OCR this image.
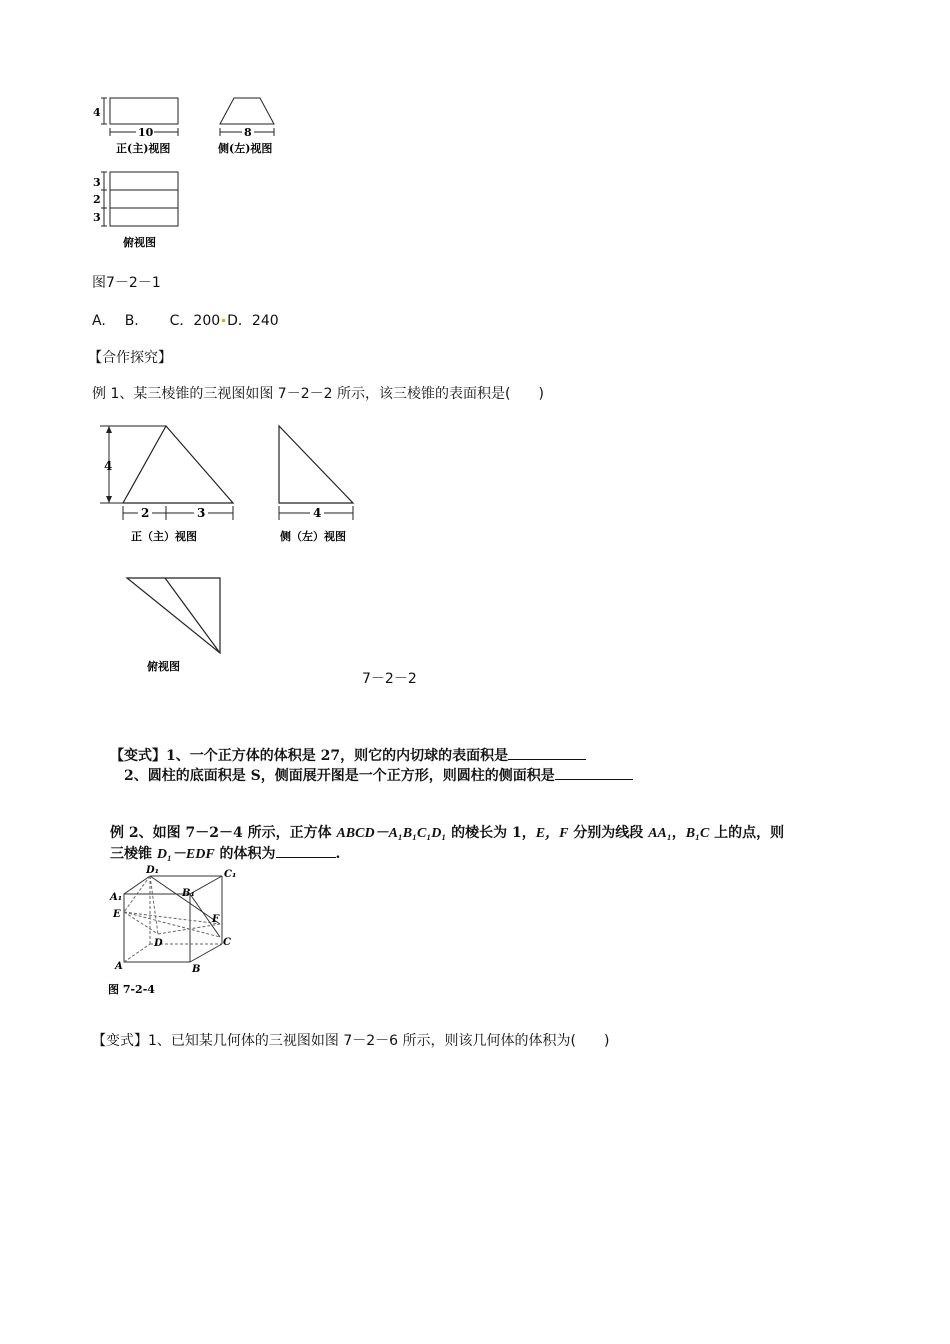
4
10
正(主)视图
8
侧(左)视图
3
2
3
俯视图
图7－2－1
A. B. C．200 D．240
【合作探究】
例 1、某三棱锥的三视图如图 7－2－2 所示，该三棱锥的表面积是(　　)
4
2	3
正（主）视图
4
侧（左）视图
俯视图
7－2－2
【变式】1、一个正方体的体积是 27，则它的内切球的表面积是
2、圆柱的底面积是 S，侧面展开图是一个正方形，则圆柱的侧面积是
例 2、如图 7－2－4 所示，正方体 ABCD－A₁B₁C₁D₁ 的棱长为 1，E，F 分别为线段 AA₁，B₁C 上的点，则
三棱锥 D₁－EDF 的体积为	.
D₁	C₁
B₁
A₁
E	F
D	C
A	B
图 7-2-4
【变式】1、已知某几何体的三视图如图 7－2－6 所示，则该几何体的体积为(　　)
